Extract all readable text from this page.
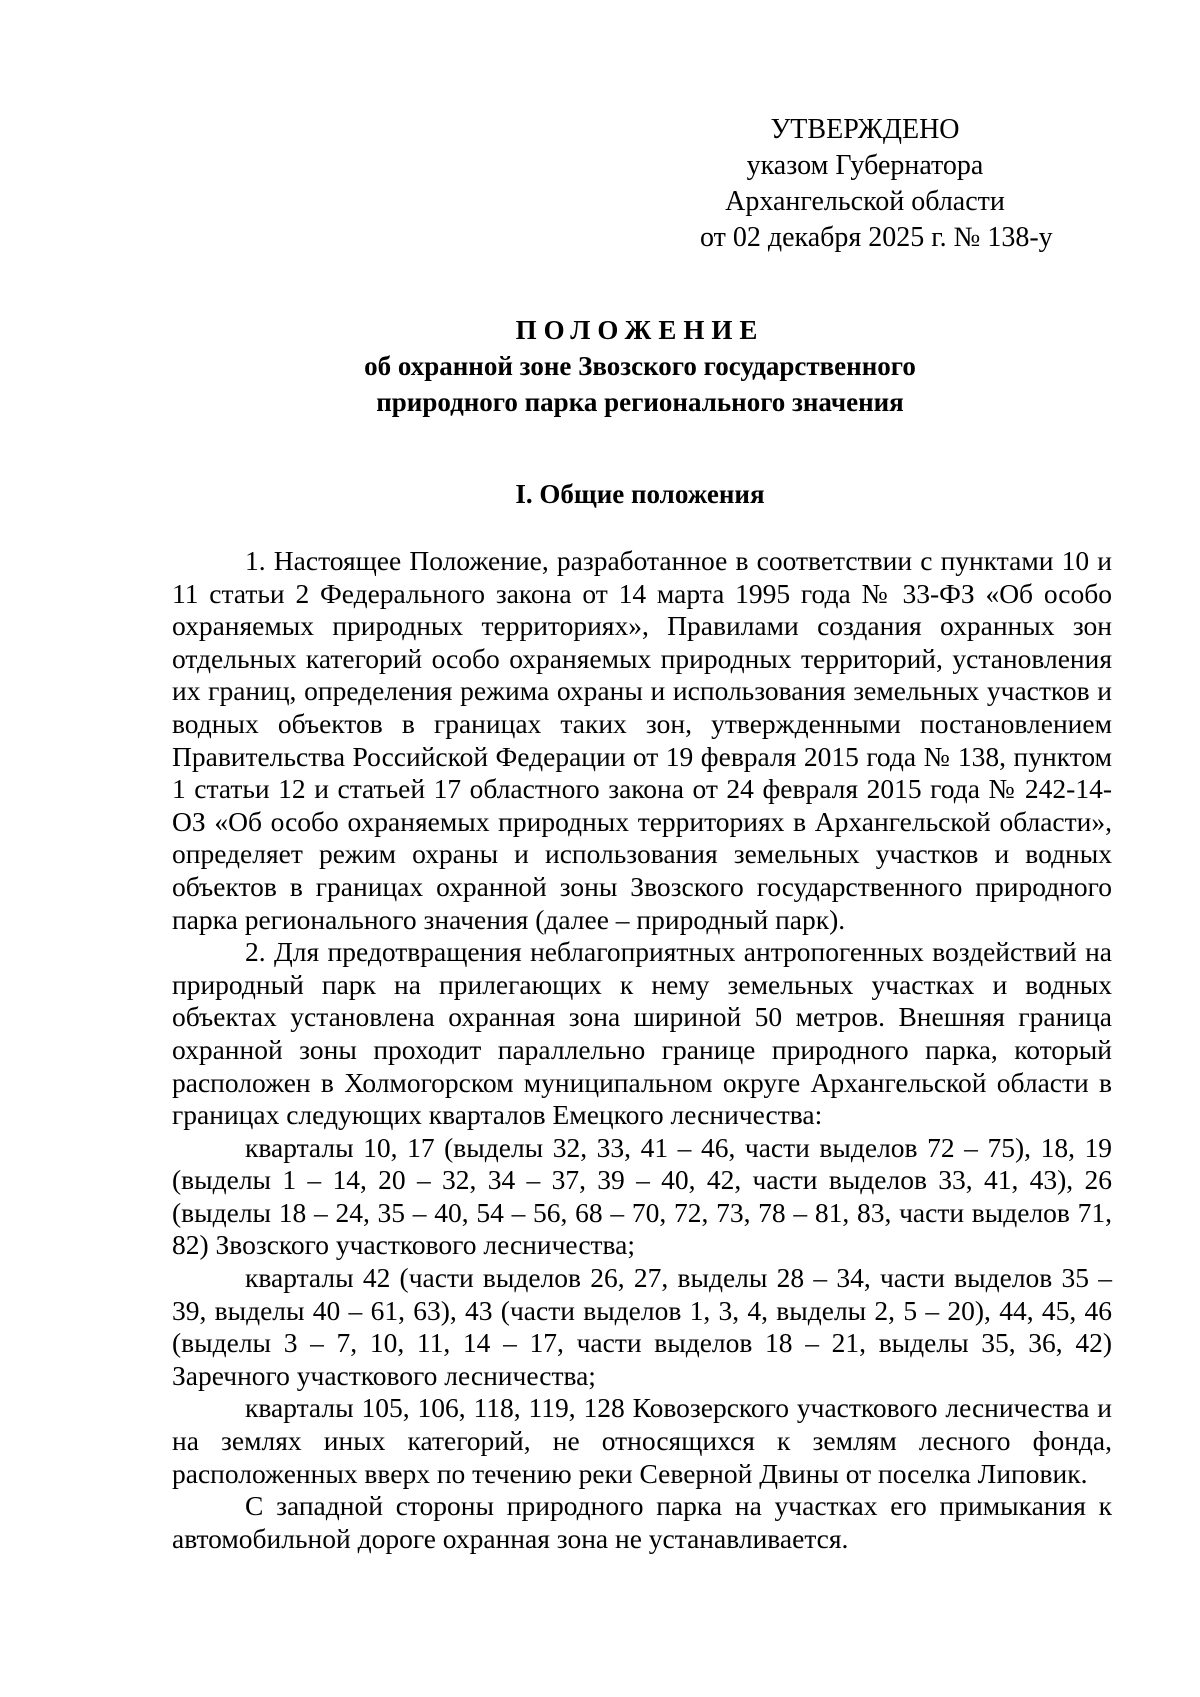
УТВЕРЖДЕНО
указом Губернатора
Архангельской области
от 02 декабря 2025 г. № 138-у
ПОЛОЖЕНИЕ
об охранной зоне Звозского государственного
природного парка регионального значения
I. Общие положения

1. Настоящее Положение, разработанное в соответствии с пунктами 10 и 11 статьи 2 Федерального закона от 14 марта 1995 года № 33-ФЗ «Об особо охраняемых природных территориях», Правилами создания охранных зон отдельных категорий особо охраняемых природных территорий, установления их границ, определения режима охраны и использования земельных участков и водных объектов в границах таких зон, утвержденными постановлением Правительства Российской Федерации от 19 февраля 2015 года № 138, пунктом 1 статьи 12 и статьей 17 областного закона от 24 февраля 2015 года № 242-14-ОЗ «Об особо охраняемых природных территориях в Архангельской области», определяет режим охраны и использования земельных участков и водных объектов в границах охранной зоны Звозского государственного природного парка регионального значения (далее – природный парк).

2. Для предотвращения неблагоприятных антропогенных воздействий на природный парк на прилегающих к нему земельных участках и водных объектах установлена охранная зона шириной 50 метров. Внешняя граница охранной зоны проходит параллельно границе природного парка, который расположен в Холмогорском муниципальном округе Архангельской области в границах следующих кварталов Емецкого лесничества:

кварталы 10, 17 (выделы 32, 33, 41 – 46, части выделов 72 – 75), 18, 19 (выделы 1 – 14, 20 – 32, 34 – 37, 39 – 40, 42, части выделов 33, 41, 43), 26 (выделы 18 – 24, 35 – 40, 54 – 56, 68 – 70, 72, 73, 78 – 81, 83, части выделов 71, 82) Звозского участкового лесничества;

кварталы 42 (части выделов 26, 27, выделы 28 – 34, части выделов 35 – 39, выделы 40 – 61, 63), 43 (части выделов 1, 3, 4, выделы 2, 5 – 20), 44, 45, 46 (выделы 3 – 7, 10, 11, 14 – 17, части выделов 18 – 21, выделы 35, 36, 42) Заречного участкового лесничества;

кварталы 105, 106, 118, 119, 128 Ковозерского участкового лесничества и на землях иных категорий, не относящихся к землям лесного фонда, расположенных вверх по течению реки Северной Двины от поселка Липовик.

С западной стороны природного парка на участках его примыкания к автомобильной дороге охранная зона не устанавливается.
